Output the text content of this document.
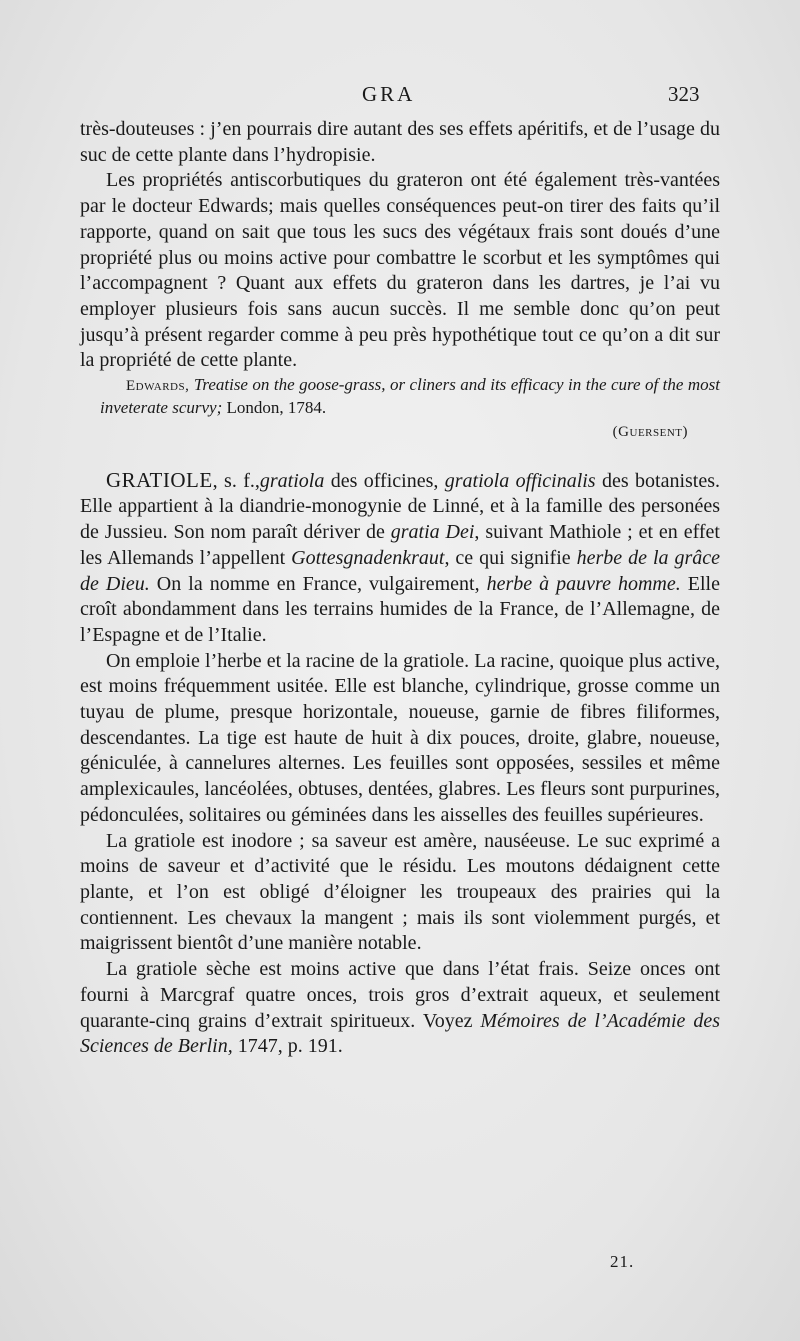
GRA	323

très-douteuses : j’en pourrais dire autant des ses effets apéritifs, et de l’usage du suc de cette plante dans l’hydropisie.

Les propriétés antiscorbutiques du grateron ont été également très-vantées par le docteur Edwards; mais quelles conséquences peut-on tirer des faits qu’il rapporte, quand on sait que tous les sucs des végétaux frais sont doués d’une propriété plus ou moins active pour combattre le scorbut et les symptômes qui l’accompagnent ? Quant aux effets du grateron dans les dartres, je l’ai vu employer plusieurs fois sans aucun succès. Il me semble donc qu’on peut jusqu’à présent regarder comme à peu près hypothétique tout ce qu’on a dit sur la propriété de cette plante.

Edwards, Treatise on the goose-grass, or cliners and its efficacy in the cure of the most inveterate scurvy; London, 1784.

(Guersent)

GRATIOLE, s. f.,gratiola des officines, gratiola officinalis des botanistes. Elle appartient à la diandrie-monogynie de Linné, et à la famille des personées de Jussieu. Son nom paraît dériver de gratia Dei, suivant Mathiole ; et en effet les Allemands l’appellent Gottesgnadenkraut, ce qui signifie herbe de la grâce de Dieu. On la nomme en France, vulgairement, herbe à pauvre homme. Elle croît abondamment dans les terrains humides de la France, de l’Allemagne, de l’Espagne et de l’Italie.

On emploie l’herbe et la racine de la gratiole. La racine, quoique plus active, est moins fréquemment usitée. Elle est blanche, cylindrique, grosse comme un tuyau de plume, presque horizontale, noueuse, garnie de fibres filiformes, descendantes. La tige est haute de huit à dix pouces, droite, glabre, noueuse, géniculée, à cannelures alternes. Les feuilles sont opposées, sessiles et même amplexicaules, lancéolées, obtuses, dentées, glabres. Les fleurs sont purpurines, pédonculées, solitaires ou géminées dans les aisselles des feuilles supérieures.

La gratiole est inodore ; sa saveur est amère, nauséeuse. Le suc exprimé a moins de saveur et d’activité que le résidu. Les moutons dédaignent cette plante, et l’on est obligé d’éloigner les troupeaux des prairies qui la contiennent. Les chevaux la mangent ; mais ils sont violemment purgés, et maigrissent bientôt d’une manière notable.

La gratiole sèche est moins active que dans l’état frais. Seize onces ont fourni à Marcgraf quatre onces, trois gros d’extrait aqueux, et seulement quarante-cinq grains d’extrait spiritueux. Voyez Mémoires de l’Académie des Sciences de Berlin, 1747, p. 191.

21.
